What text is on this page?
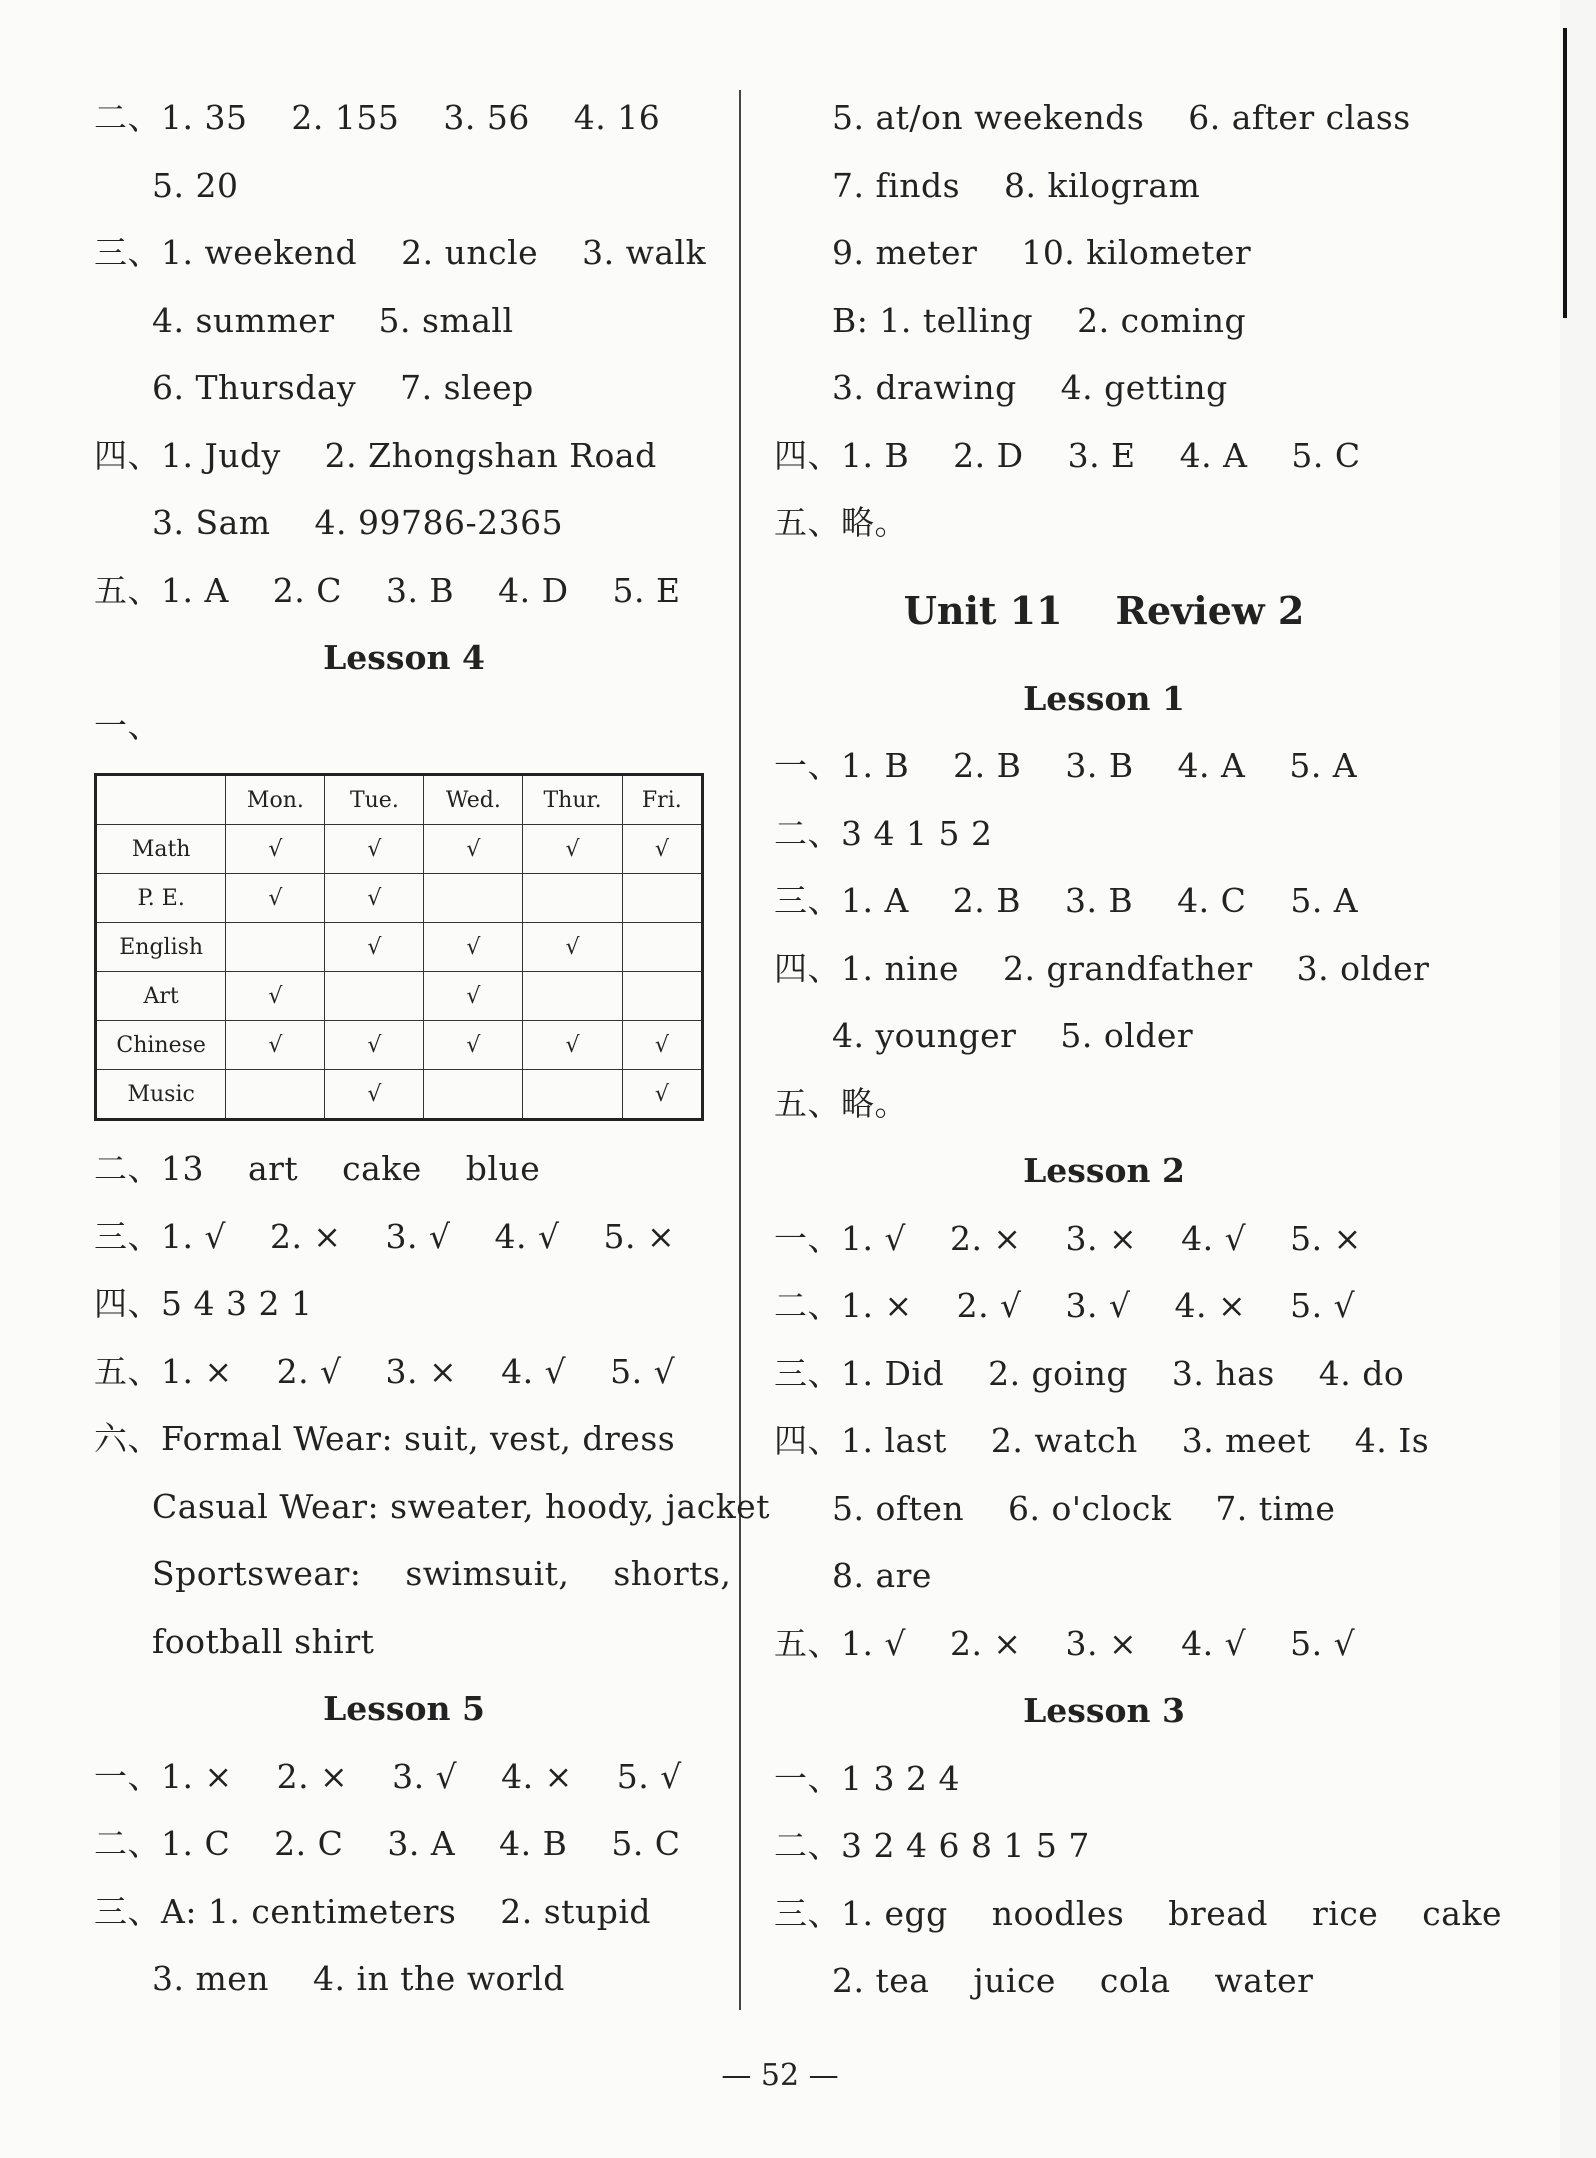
二、1. 35    2. 155    3. 56    4. 16
5. 20
三、1. weekend    2. uncle    3. walk
4. summer    5. small
6. Thursday    7. sleep
四、1. Judy    2. Zhongshan Road
3. Sam    4. 99786-2365
五、1. A    2. C    3. B    4. D    5. E
Lesson 4
一、
	Mon.	Tue.	Wed.	Thur.	Fri.
Math	√	√	√	√	√
P. E.	√	√			
English		√	√	√	
Art	√		√		
Chinese	√	√	√	√	√
Music		√			√
二、13    art    cake    blue
三、1. √    2. ×    3. √    4. √    5. ×
四、5 4 3 2 1
五、1. ×    2. √    3. ×    4. √    5. √
六、Formal Wear: suit, vest, dress
Casual Wear: sweater, hoody, jacket
Sportswear:    swimsuit,    shorts,
football shirt
Lesson 5
一、1. ×    2. ×    3. √    4. ×    5. √
二、1. C    2. C    3. A    4. B    5. C
三、A: 1. centimeters    2. stupid
3. men    4. in the world
5. at/on weekends    6. after class
7. finds    8. kilogram
9. meter    10. kilometer
B: 1. telling    2. coming
3. drawing    4. getting
四、1. B    2. D    3. E    4. A    5. C
五、略。
Unit 11    Review 2
Lesson 1
一、1. B    2. B    3. B    4. A    5. A
二、3 4 1 5 2
三、1. A    2. B    3. B    4. C    5. A
四、1. nine    2. grandfather    3. older
4. younger    5. older
五、略。
Lesson 2
一、1. √    2. ×    3. ×    4. √    5. ×
二、1. ×    2. √    3. √    4. ×    5. √
三、1. Did    2. going    3. has    4. do
四、1. last    2. watch    3. meet    4. Is
5. often    6. o'clock    7. time
8. are
五、1. √    2. ×    3. ×    4. √    5. √
Lesson 3
一、1 3 2 4
二、3 2 4 6 8 1 5 7
三、1. egg    noodles    bread    rice    cake
2. tea    juice    cola    water
— 52 —
